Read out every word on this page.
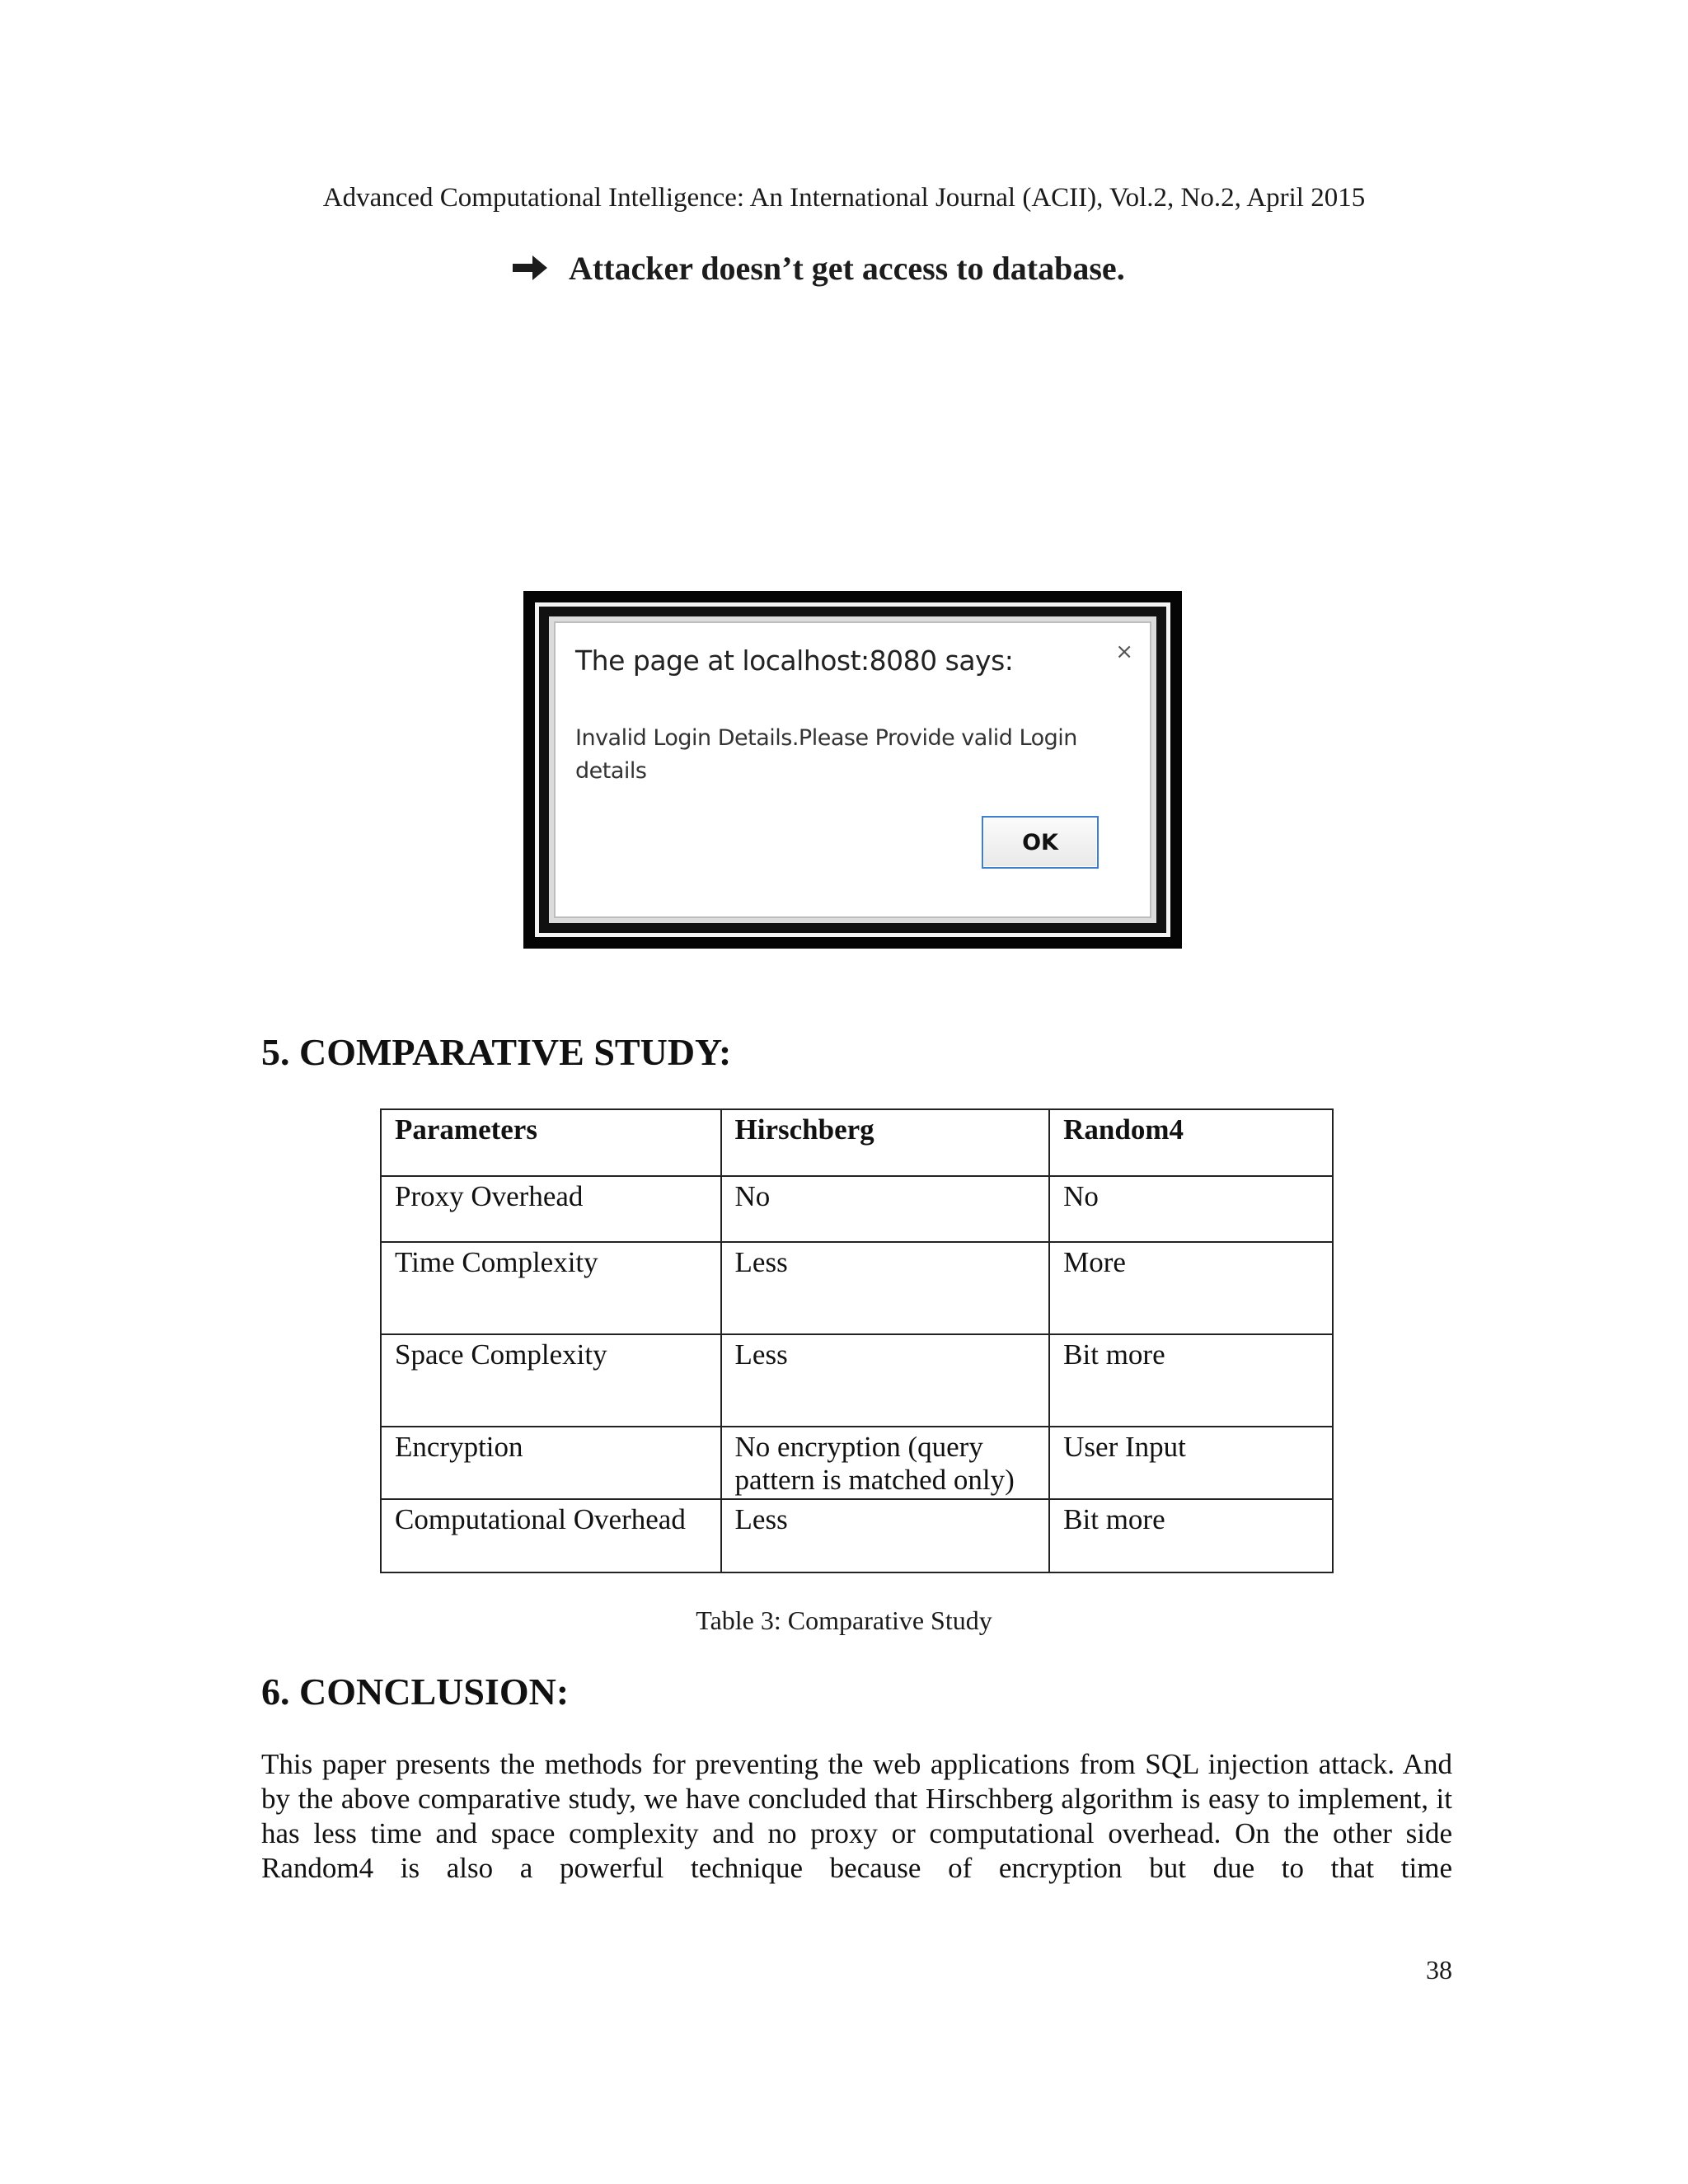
Advanced Computational Intelligence: An International Journal (ACII), Vol.2, No.2, April 2015
Attacker doesn’t get access to database.
The page at localhost:8080 says:	×
Invalid Login Details.Please Provide valid Login details
OK
5. COMPARATIVE STUDY:
Parameters	Hirschberg	Random4
Proxy Overhead	No	No
Time Complexity	Less	More
Space Complexity	Less	Bit more
Encryption	No encryption (query pattern is matched only)	User Input
Computational Overhead	Less	Bit more
Table 3: Comparative Study
6. CONCLUSION:
This paper presents the methods for preventing the web applications from SQL injection attack. And by the above comparative study, we have concluded that Hirschberg algorithm is easy to implement, it has less time and space complexity and no proxy or computational overhead. On the other side Random4 is also a powerful technique because of encryption but due to that time
38
